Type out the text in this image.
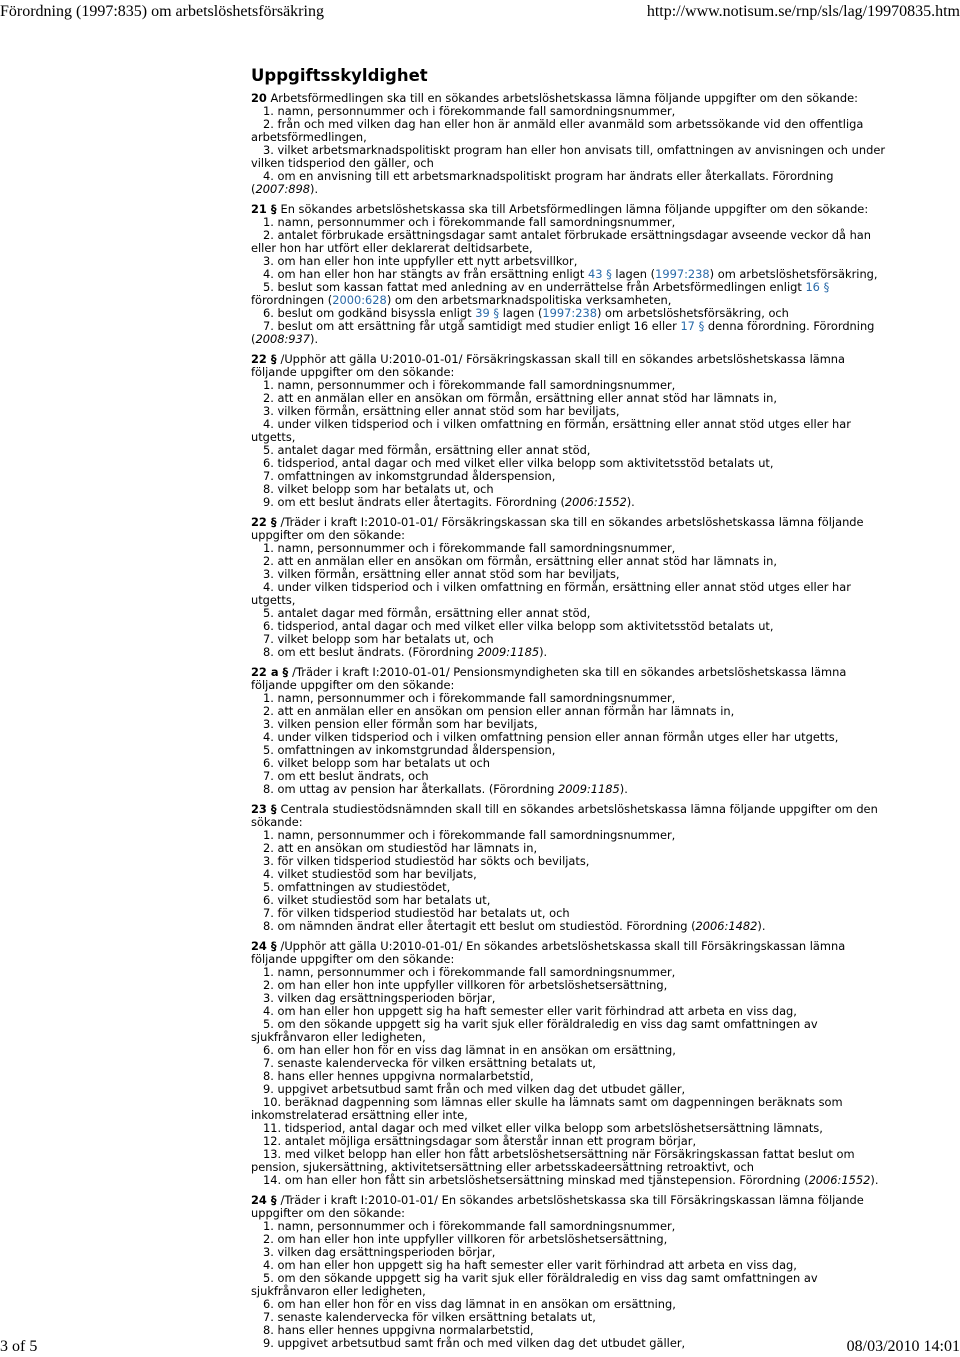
Förordning (1997:835) om arbetslöshetsförsäkring	http://www.notisum.se/rnp/sls/lag/19970835.htm
Uppgiftsskyldighet

20 Arbetsförmedlingen ska till en sökandes arbetslöshetskassa lämna följande uppgifter om den sökande:

1. namn, personnummer och i förekommande fall samordningsnummer,

2. från och med vilken dag han eller hon är anmäld eller avanmäld som arbetssökande vid den offentliga arbetsförmedlingen,

3. vilket arbetsmarknadspolitiskt program han eller hon anvisats till, omfattningen av anvisningen och under vilken tidsperiod den gäller, och

4. om en anvisning till ett arbetsmarknadspolitiskt program har ändrats eller återkallats. Förordning (2007:898).

21 § En sökandes arbetslöshetskassa ska till Arbetsförmedlingen lämna följande uppgifter om den sökande:

1. namn, personnummer och i förekommande fall samordningsnummer,

2. antalet förbrukade ersättningsdagar samt antalet förbrukade ersättningsdagar avseende veckor då han eller hon har utfört eller deklarerat deltidsarbete,

3. om han eller hon inte uppfyller ett nytt arbetsvillkor,

4. om han eller hon har stängts av från ersättning enligt 43 § lagen (1997:238) om arbetslöshetsförsäkring,

5. beslut som kassan fattat med anledning av en underrättelse från Arbetsförmedlingen enligt 16 § förordningen (2000:628) om den arbetsmarknadspolitiska verksamheten,

6. beslut om godkänd bisyssla enligt 39 § lagen (1997:238) om arbetslöshetsförsäkring, och

7. beslut om att ersättning får utgå samtidigt med studier enligt 16 eller 17 § denna förordning. Förordning (2008:937).

22 § /Upphör att gälla U:2010-01-01/ Försäkringskassan skall till en sökandes arbetslöshetskassa lämna följande uppgifter om den sökande:

1. namn, personnummer och i förekommande fall samordningsnummer,

2. att en anmälan eller en ansökan om förmån, ersättning eller annat stöd har lämnats in,

3. vilken förmån, ersättning eller annat stöd som har beviljats,

4. under vilken tidsperiod och i vilken omfattning en förmån, ersättning eller annat stöd utges eller har utgetts,

5. antalet dagar med förmån, ersättning eller annat stöd,

6. tidsperiod, antal dagar och med vilket eller vilka belopp som aktivitetsstöd betalats ut,

7. omfattningen av inkomstgrundad ålderspension,

8. vilket belopp som har betalats ut, och

9. om ett beslut ändrats eller återtagits. Förordning (2006:1552).

22 § /Träder i kraft I:2010-01-01/ Försäkringskassan ska till en sökandes arbetslöshetskassa lämna följande uppgifter om den sökande:

1. namn, personnummer och i förekommande fall samordningsnummer,

2. att en anmälan eller en ansökan om förmån, ersättning eller annat stöd har lämnats in,

3. vilken förmån, ersättning eller annat stöd som har beviljats,

4. under vilken tidsperiod och i vilken omfattning en förmån, ersättning eller annat stöd utges eller har utgetts,

5. antalet dagar med förmån, ersättning eller annat stöd,

6. tidsperiod, antal dagar och med vilket eller vilka belopp som aktivitetsstöd betalats ut,

7. vilket belopp som har betalats ut, och

8. om ett beslut ändrats. (Förordning 2009:1185).

22 a § /Träder i kraft I:2010-01-01/ Pensionsmyndigheten ska till en sökandes arbetslöshetskassa lämna följande uppgifter om den sökande:

1. namn, personnummer och i förekommande fall samordningsnummer,

2. att en anmälan eller en ansökan om pension eller annan förmån har lämnats in,

3. vilken pension eller förmån som har beviljats,

4. under vilken tidsperiod och i vilken omfattning pension eller annan förmån utges eller har utgetts,

5. omfattningen av inkomstgrundad ålderspension,

6. vilket belopp som har betalats ut och

7. om ett beslut ändrats, och

8. om uttag av pension har återkallats. (Förordning 2009:1185).

23 § Centrala studiestödsnämnden skall till en sökandes arbetslöshetskassa lämna följande uppgifter om den sökande:

1. namn, personnummer och i förekommande fall samordningsnummer,

2. att en ansökan om studiestöd har lämnats in,

3. för vilken tidsperiod studiestöd har sökts och beviljats,

4. vilket studiestöd som har beviljats,

5. omfattningen av studiestödet,

6. vilket studiestöd som har betalats ut,

7. för vilken tidsperiod studiestöd har betalats ut, och

8. om nämnden ändrat eller återtagit ett beslut om studiestöd. Förordning (2006:1482).

24 § /Upphör att gälla U:2010-01-01/ En sökandes arbetslöshetskassa skall till Försäkringskassan lämna följande uppgifter om den sökande:

1. namn, personnummer och i förekommande fall samordningsnummer,

2. om han eller hon inte uppfyller villkoren för arbetslöshetsersättning,

3. vilken dag ersättningsperioden börjar,

4. om han eller hon uppgett sig ha haft semester eller varit förhindrad att arbeta en viss dag,

5. om den sökande uppgett sig ha varit sjuk eller föräldraledig en viss dag samt omfattningen av sjukfrånvaron eller ledigheten,

6. om han eller hon för en viss dag lämnat in en ansökan om ersättning,

7. senaste kalendervecka för vilken ersättning betalats ut,

8. hans eller hennes uppgivna normalarbetstid,

9. uppgivet arbetsutbud samt från och med vilken dag det utbudet gäller,

10. beräknad dagpenning som lämnas eller skulle ha lämnats samt om dagpenningen beräknats som inkomstrelaterad ersättning eller inte,

11. tidsperiod, antal dagar och med vilket eller vilka belopp som arbetslöshetsersättning lämnats,

12. antalet möjliga ersättningsdagar som återstår innan ett program börjar,

13. med vilket belopp han eller hon fått arbetslöshetsersättning när Försäkringskassan fattat beslut om pension, sjukersättning, aktivitetsersättning eller arbetsskadeersättning retroaktivt, och

14. om han eller hon fått sin arbetslöshetsersättning minskad med tjänstepension. Förordning (2006:1552).

24 § /Träder i kraft I:2010-01-01/ En sökandes arbetslöshetskassa ska till Försäkringskassan lämna följande uppgifter om den sökande:

1. namn, personnummer och i förekommande fall samordningsnummer,

2. om han eller hon inte uppfyller villkoren för arbetslöshetsersättning,

3. vilken dag ersättningsperioden börjar,

4. om han eller hon uppgett sig ha haft semester eller varit förhindrad att arbeta en viss dag,

5. om den sökande uppgett sig ha varit sjuk eller föräldraledig en viss dag samt omfattningen av sjukfrånvaron eller ledigheten,

6. om han eller hon för en viss dag lämnat in en ansökan om ersättning,

7. senaste kalendervecka för vilken ersättning betalats ut,

8. hans eller hennes uppgivna normalarbetstid,

9. uppgivet arbetsutbud samt från och med vilken dag det utbudet gäller,

3 of 5	08/03/2010 14:01
